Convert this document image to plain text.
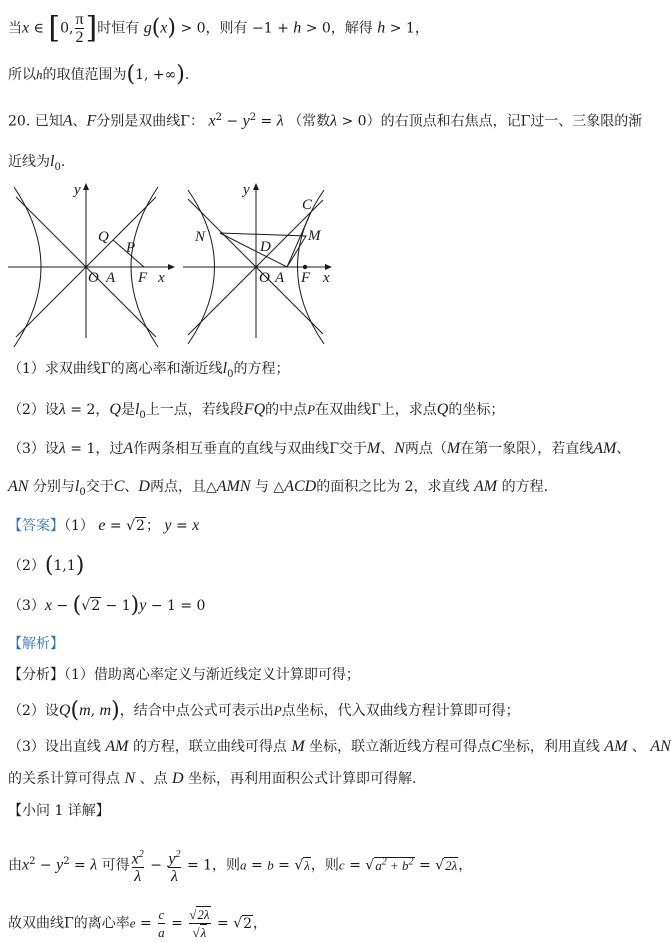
当x ∈ [0, $\frac{\pi}{2}$ ]时恒有 g(x) > 0，则有 −1 + h > 0，解得 h > 1，
所以h的取值范围为(1, +∞).
20. 已知A、F分别是双曲线Γ： $x^2 - y^2 = \lambda$ （常数λ > 0）的右顶点和右焦点，记Γ过一、三象限的渐
近线为$l_0$.
y
Q
P
O A F x
y
C
M
N
D
O A F x
（1）求双曲线Γ的离心率和渐近线$l_0$的方程；
（2）设λ = 2，Q是$l_0$上一点，若线段FQ的中点P在双曲线Γ上，求点Q的坐标；
（3）设λ = 1，过A作两条相互垂直的直线与双曲线Γ交于M、N两点（M在第一象限），若直线AM、
AN 分别与$l_0$交于C、D两点，且△AMN 与 △ACD的面积之比为 2，求直线 AM 的方程.
【答案】（1） e = √2； y = x
（2）(1,1)
（3）x − (√2 − 1)y − 1 = 0
【解析】
【分析】（1）借助离心率定义与渐近线定义计算即可得；
（2）设Q(m, m)，结合中点公式可表示出P点坐标，代入双曲线方程计算即可得；
（3）设出直线 AM 的方程，联立曲线可得点 M 坐标，联立渐近线方程可得点C坐标，利用直线 AM 、 AN
的关系计算可得点 N 、点 D 坐标，再利用面积公式计算即可得解.
【小问 1 详解】
由$x^2 - y^2 = \lambda$ 可得 $\frac{x^2}{\lambda} - \frac{y^2}{\lambda} = 1$，则a = b = √λ，则$c = √a^2 + b^2 = √2\lambda$，
故双曲线Γ的离心率$e = \frac{c}{a} = \frac{√2\lambda}{√\lambda} = √2$，
